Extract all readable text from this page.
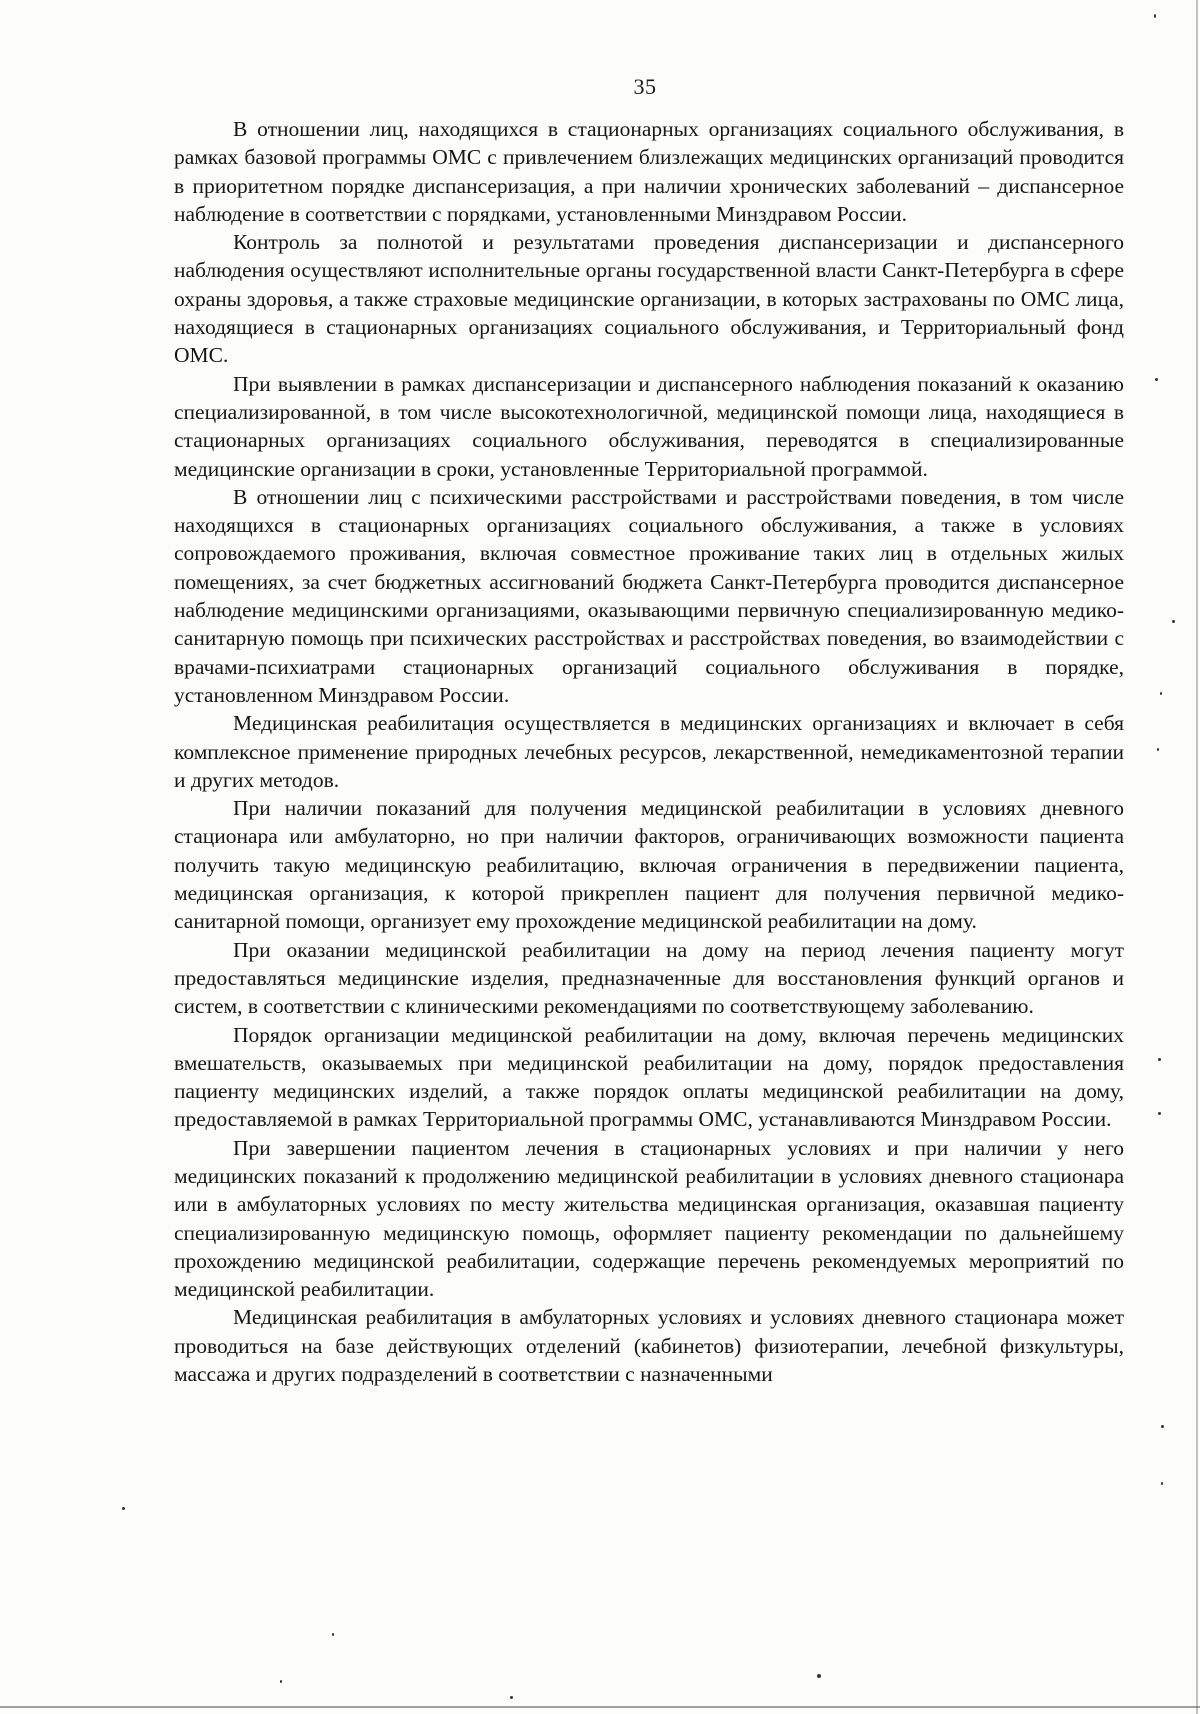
35

В отношении лиц, находящихся в стационарных организациях социального обслуживания, в рамках базовой программы ОМС с привлечением близлежащих медицинских организаций проводится в приоритетном порядке диспансеризация, а при наличии хронических заболеваний – диспансерное наблюдение в соответствии с порядками, установленными Минздравом России.

Контроль за полнотой и результатами проведения диспансеризации и диспансерного наблюдения осуществляют исполнительные органы государственной власти Санкт-Петербурга в сфере охраны здоровья, а также страховые медицинские организации, в которых застрахованы по ОМС лица, находящиеся в стационарных организациях социального обслуживания, и Территориальный фонд ОМС.

При выявлении в рамках диспансеризации и диспансерного наблюдения показаний к оказанию специализированной, в том числе высокотехнологичной, медицинской помощи лица, находящиеся в стационарных организациях социального обслуживания, переводятся в специализированные медицинские организации в сроки, установленные Территориальной программой.

В отношении лиц с психическими расстройствами и расстройствами поведения, в том числе находящихся в стационарных организациях социального обслуживания, а также в условиях сопровождаемого проживания, включая совместное проживание таких лиц в отдельных жилых помещениях, за счет бюджетных ассигнований бюджета Санкт-Петербурга проводится диспансерное наблюдение медицинскими организациями, оказывающими первичную специализированную медико-санитарную помощь при психических расстройствах и расстройствах поведения, во взаимодействии с врачами-психиатрами стационарных организаций социального обслуживания в порядке, установленном Минздравом России.

Медицинская реабилитация осуществляется в медицинских организациях и включает в себя комплексное применение природных лечебных ресурсов, лекарственной, немедикаментозной терапии и других методов.

При наличии показаний для получения медицинской реабилитации в условиях дневного стационара или амбулаторно, но при наличии факторов, ограничивающих возможности пациента получить такую медицинскую реабилитацию, включая ограничения в передвижении пациента, медицинская организация, к которой прикреплен пациент для получения первичной медико-санитарной помощи, организует ему прохождение медицинской реабилитации на дому.

При оказании медицинской реабилитации на дому на период лечения пациенту могут предоставляться медицинские изделия, предназначенные для восстановления функций органов и систем, в соответствии с клиническими рекомендациями по соответствующему заболеванию.

Порядок организации медицинской реабилитации на дому, включая перечень медицинских вмешательств, оказываемых при медицинской реабилитации на дому, порядок предоставления пациенту медицинских изделий, а также порядок оплаты медицинской реабилитации на дому, предоставляемой в рамках Территориальной программы ОМС, устанавливаются Минздравом России.

При завершении пациентом лечения в стационарных условиях и при наличии у него медицинских показаний к продолжению медицинской реабилитации в условиях дневного стационара или в амбулаторных условиях по месту жительства медицинская организация, оказавшая пациенту специализированную медицинскую помощь, оформляет пациенту рекомендации по дальнейшему прохождению медицинской реабилитации, содержащие перечень рекомендуемых мероприятий по медицинской реабилитации.

Медицинская реабилитация в амбулаторных условиях и условиях дневного стационара может проводиться на базе действующих отделений (кабинетов) физиотерапии, лечебной физкультуры, массажа и других подразделений в соответствии с назначенными
